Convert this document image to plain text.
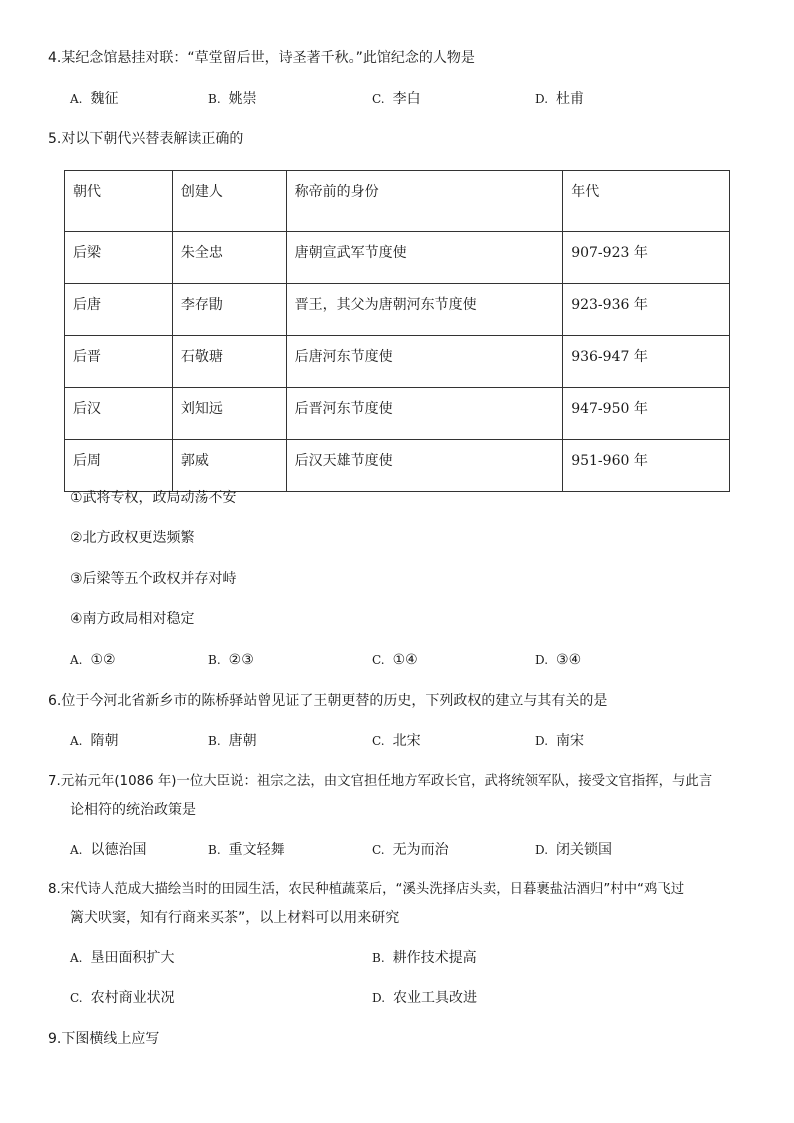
4.某纪念馆悬挂对联：“草堂留后世，诗圣著千秋。”此馆纪念的人物是
A. 魏征	B. 姚崇	C. 李白	D. 杜甫
5.对以下朝代兴替表解读正确的
朝代	创建人	称帝前的身份	年代
后梁	朱全忠	唐朝宣武军节度使	907-923 年
后唐	李存勖	晋王，其父为唐朝河东节度使	923-936 年
后晋	石敬瑭	后唐河东节度使	936-947 年
后汉	刘知远	后晋河东节度使	947-950 年
后周	郭威	后汉天雄节度使	951-960 年
①武将专权，政局动荡不安
②北方政权更迭频繁
③后梁等五个政权并存对峙
④南方政局相对稳定
A. ①②	B. ②③	C. ①④	D. ③④
6.位于今河北省新乡市的陈桥驿站曾见证了王朝更替的历史，下列政权的建立与其有关的是
A. 隋朝	B. 唐朝	C. 北宋	D. 南宋
7.元祐元年(1086 年)一位大臣说：祖宗之法，由文官担任地方军政长官，武将统领军队，接受文官指挥，与此言
论相符的统治政策是
A. 以德治国	B. 重文轻舞	C. 无为而治	D. 闭关锁国
8.宋代诗人范成大描绘当时的田园生活，农民种植蔬菜后，“溪头洗择店头卖，日暮裹盐沽酒归”村中“鸡飞过
篱犬吠窦，知有行商来买茶”，以上材料可以用来研究
A. 垦田面积扩大	B. 耕作技术提高
C. 农村商业状况	D. 农业工具改进
9.下图横线上应写
